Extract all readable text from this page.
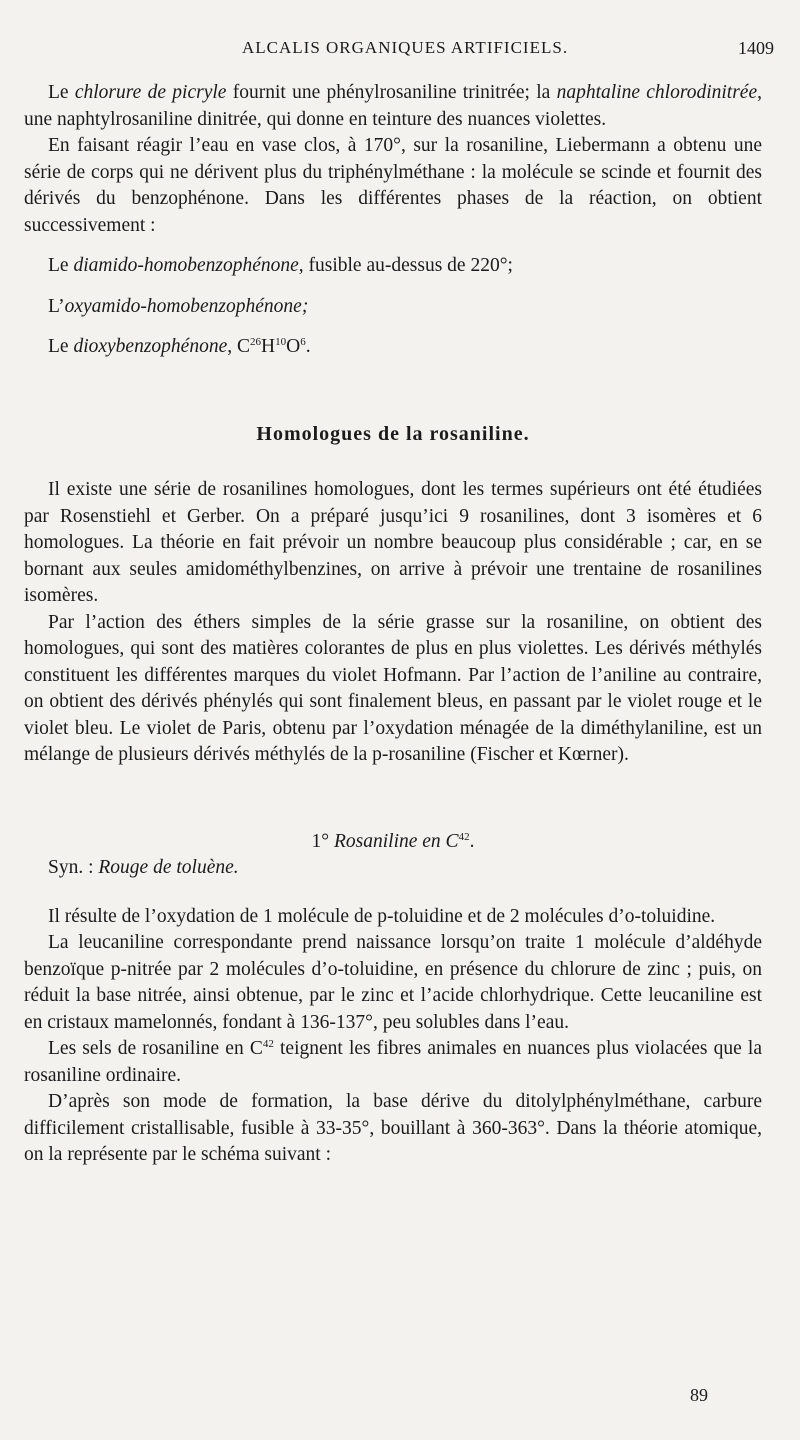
ALCALIS ORGANIQUES ARTIFICIELS.	1409

Le chlorure de picryle fournit une phénylrosaniline trinitrée; la naphtaline chlorodinitrée, une naphtylrosaniline dinitrée, qui donne en teinture des nuances violettes.

En faisant réagir l’eau en vase clos, à 170°, sur la rosaniline, Liebermann a obtenu une série de corps qui ne dérivent plus du triphénylméthane : la molécule se scinde et fournit des dérivés du benzophénone. Dans les différentes phases de la réaction, on obtient successivement :

Le diamido-homobenzophénone, fusible au-dessus de 220°;

L’oxyamido-homobenzophénone;

Le dioxybenzophénone, $C^{26}H^{10}O^6$.

Homologues de la rosaniline.

Il existe une série de rosanilines homologues, dont les termes supérieurs ont été étudiées par Rosenstiehl et Gerber. On a préparé jusqu’ici 9 rosanilines, dont 3 isomères et 6 homologues. La théorie en fait prévoir un nombre beaucoup plus considérable ; car, en se bornant aux seules amidométhylbenzines, on arrive à prévoir une trentaine de rosanilines isomères.

Par l’action des éthers simples de la série grasse sur la rosaniline, on obtient des homologues, qui sont des matières colorantes de plus en plus violettes. Les dérivés méthylés constituent les différentes marques du violet Hofmann. Par l’action de l’aniline au contraire, on obtient des dérivés phénylés qui sont finalement bleus, en passant par le violet rouge et le violet bleu. Le violet de Paris, obtenu par l’oxydation ménagée de la diméthylaniline, est un mélange de plusieurs dérivés méthylés de la p-rosaniline (Fischer et Kœrner).

1° Rosaniline en $C^{42}$.

Syn. : Rouge de toluène.

Il résulte de l’oxydation de 1 molécule de p-toluidine et de 2 molécules d’o-toluidine.

La leucaniline correspondante prend naissance lorsqu’on traite 1 molécule d’aldéhyde benzoïque p-nitrée par 2 molécules d’o-toluidine, en présence du chlorure de zinc ; puis, on réduit la base nitrée, ainsi obtenue, par le zinc et l’acide chlorhydrique. Cette leucaniline est en cristaux mamelonnés, fondant à 136-137°, peu solubles dans l’eau.

Les sels de rosaniline en $C^{42}$ teignent les fibres animales en nuances plus violacées que la rosaniline ordinaire.

D’après son mode de formation, la base dérive du ditolylphénylméthane, carbure difficilement cristallisable, fusible à 33-35°, bouillant à 360-363°. Dans la théorie atomique, on la représente par le schéma suivant :

89
